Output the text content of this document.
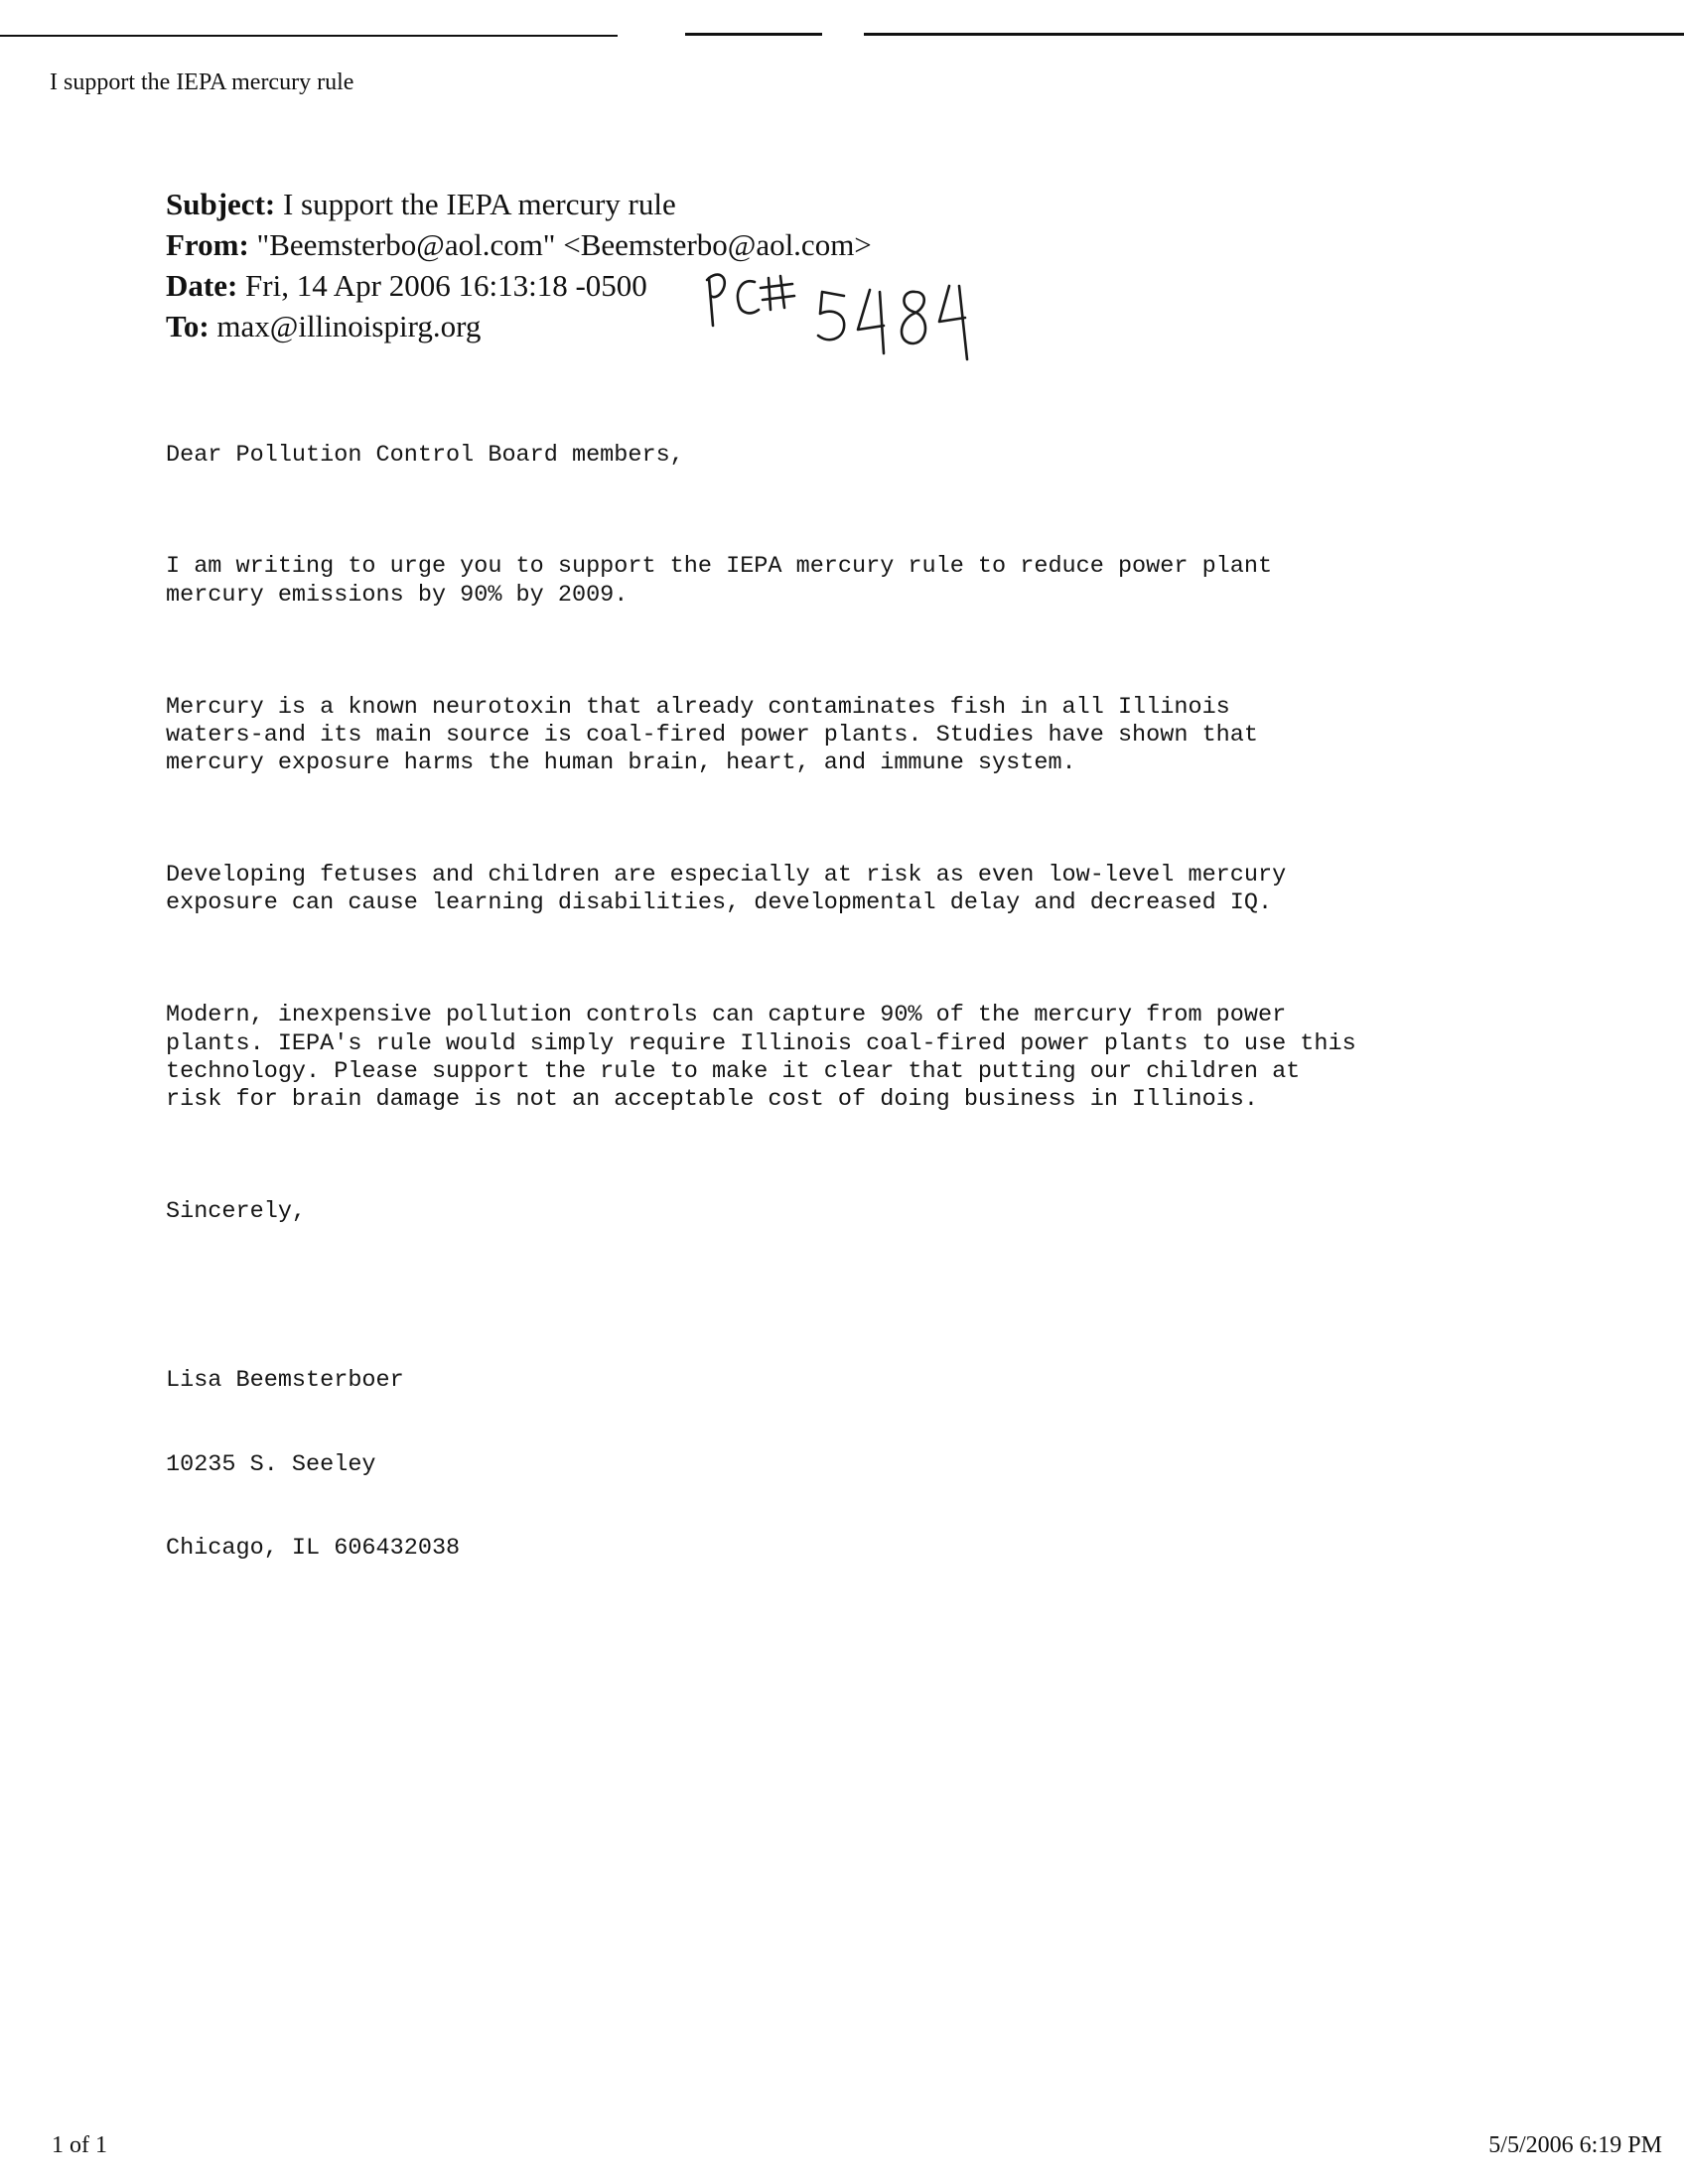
I support the IEPA mercury rule
Subject: I support the IEPA mercury rule
From: "Beemsterbo@aol.com" <Beemsterbo@aol.com>
Date: Fri, 14 Apr 2006 16:13:18 -0500
To: max@illinoispirg.org

Dear Pollution Control Board members,

I am writing to urge you to support the IEPA mercury rule to reduce power plant
mercury emissions by 90% by 2009.

Mercury is a known neurotoxin that already contaminates fish in all Illinois
waters-and its main source is coal-fired power plants. Studies have shown that
mercury exposure harms the human brain, heart, and immune system.

Developing fetuses and children are especially at risk as even low-level mercury
exposure can cause learning disabilities, developmental delay and decreased IQ.

Modern, inexpensive pollution controls can capture 90% of the mercury from power
plants. IEPA's rule would simply require Illinois coal-fired power plants to use this
technology. Please support the rule to make it clear that putting our children at
risk for brain damage is not an acceptable cost of doing business in Illinois.

Sincerely,

Lisa Beemsterboer

10235 S. Seeley

Chicago, IL 606432038

1 of 1	5/5/2006 6:19 PM
